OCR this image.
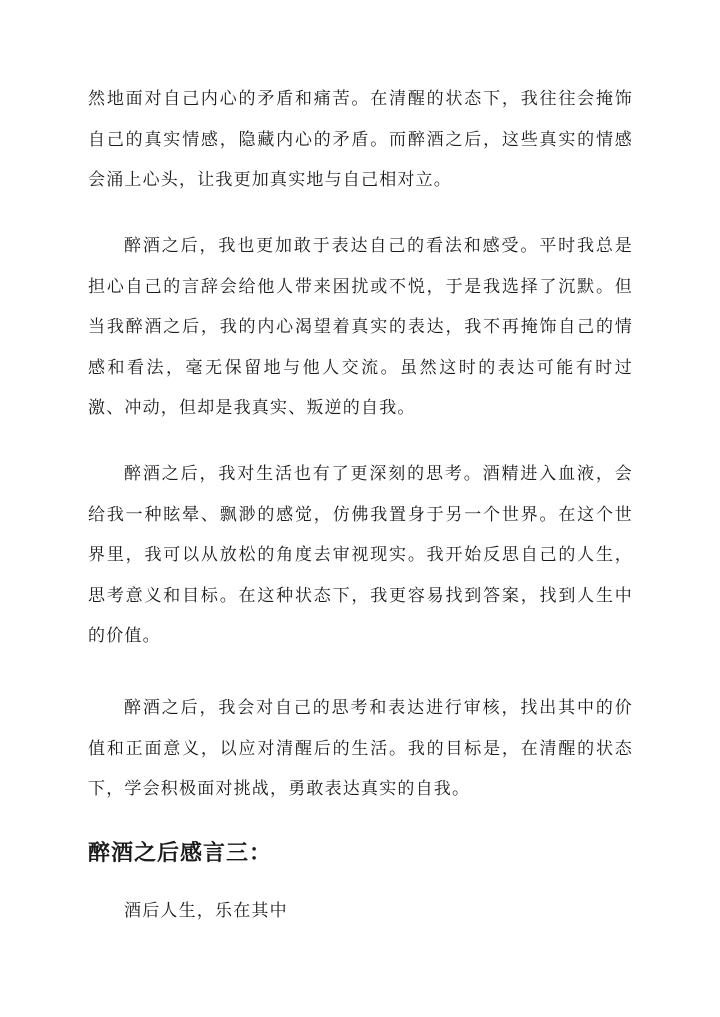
然地面对自己内心的矛盾和痛苦。在清醒的状态下，我往往会掩饰自己的真实情感，隐藏内心的矛盾。而醉酒之后，这些真实的情感会涌上心头，让我更加真实地与自己相对立。

醉酒之后，我也更加敢于表达自己的看法和感受。平时我总是担心自己的言辞会给他人带来困扰或不悦，于是我选择了沉默。但当我醉酒之后，我的内心渴望着真实的表达，我不再掩饰自己的情感和看法，毫无保留地与他人交流。虽然这时的表达可能有时过激、冲动，但却是我真实、叛逆的自我。

醉酒之后，我对生活也有了更深刻的思考。酒精进入血液，会给我一种眩晕、飘渺的感觉，仿佛我置身于另一个世界。在这个世界里，我可以从放松的角度去审视现实。我开始反思自己的人生，思考意义和目标。在这种状态下，我更容易找到答案，找到人生中的价值。

醉酒之后，我会对自己的思考和表达进行审核，找出其中的价值和正面意义，以应对清醒后的生活。我的目标是，在清醒的状态下，学会积极面对挑战，勇敢表达真实的自我。

醉酒之后感言三：

酒后人生，乐在其中
